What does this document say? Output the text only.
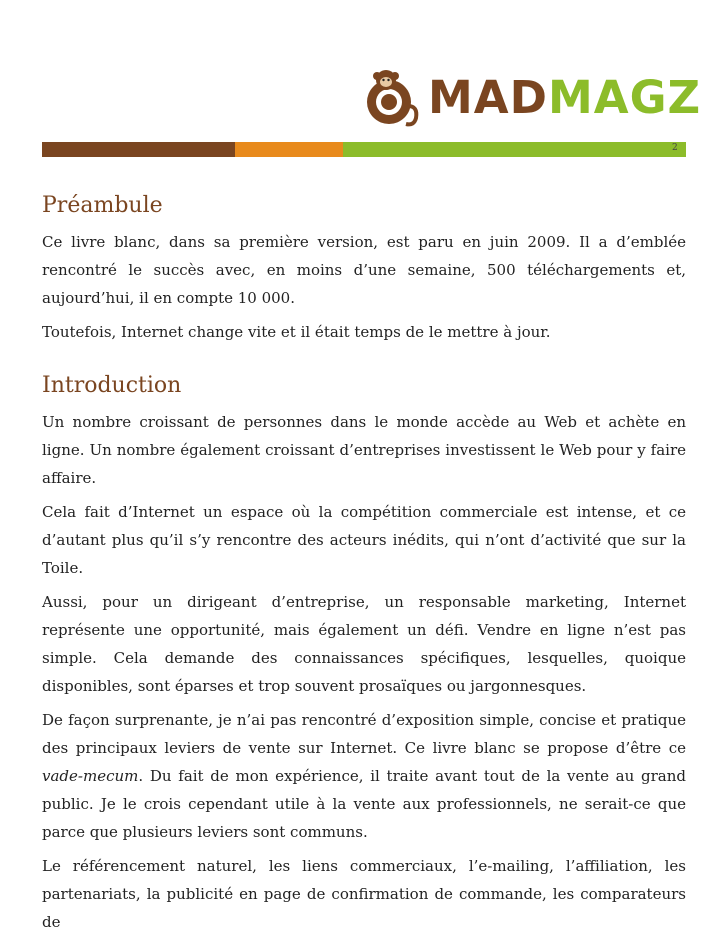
MADMAGZ
2
Préambule

Ce livre blanc, dans sa première version, est paru en juin 2009. Il a d’emblée rencontré le succès avec, en moins d’une semaine, 500 téléchargements et, aujourd’hui, il en compte 10 000.

Toutefois, Internet change vite et il était temps de le mettre à jour.

Introduction

Un nombre croissant de personnes dans le monde accède au Web et achète en ligne. Un nombre également croissant d’entreprises investissent le Web pour y faire affaire.

Cela fait d’Internet un espace où la compétition commerciale est intense, et ce d’autant plus qu’il s’y rencontre des acteurs inédits, qui n’ont d’activité que sur la Toile.

Aussi, pour un dirigeant d’entreprise, un responsable marketing, Internet représente une opportunité, mais également un défi. Vendre en ligne n’est pas simple. Cela demande des connaissances spécifiques, lesquelles, quoique disponibles, sont éparses et trop souvent prosaïques ou jargonnesques.

De façon surprenante, je n’ai pas rencontré d’exposition simple, concise et pratique des principaux leviers de vente sur Internet. Ce livre blanc se propose d’être ce vade-mecum. Du fait de mon expérience, il traite avant tout de la vente au grand public. Je le crois cependant utile à la vente aux professionnels, ne serait-ce que parce que plusieurs leviers sont communs.

Le référencement naturel, les liens commerciaux, l’e-mailing, l’affiliation, les partenariats, la publicité en page de confirmation de commande, les comparateurs de
